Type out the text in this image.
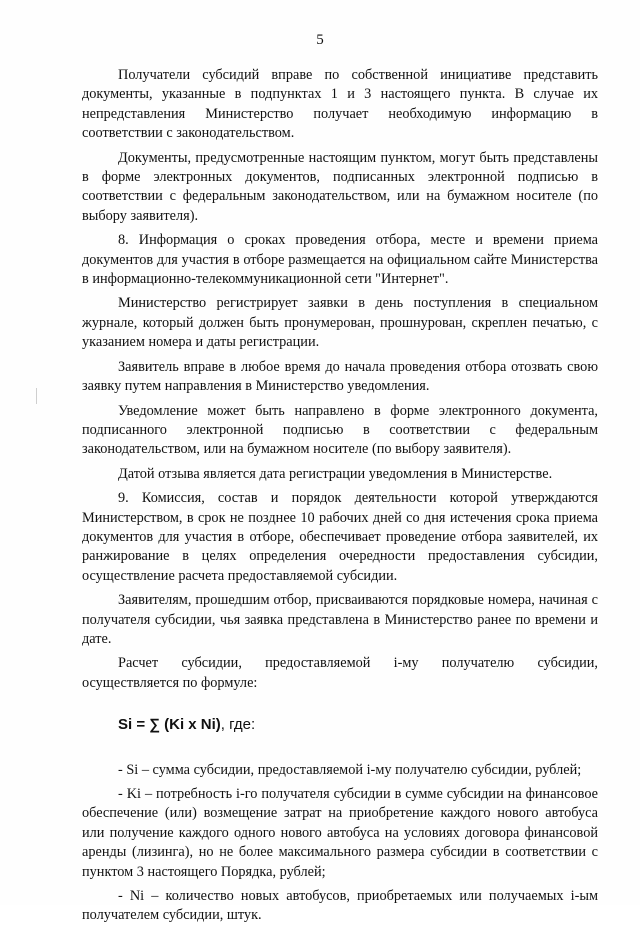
5

Получатели субсидий вправе по собственной инициативе представить документы, указанные в подпунктах 1 и 3 настоящего пункта. В случае их непредставления Министерство получает необходимую информацию в соответствии с законодательством.

Документы, предусмотренные настоящим пунктом, могут быть представлены в форме электронных документов, подписанных электронной подписью в соответствии с федеральным законодательством, или на бумажном носителе (по выбору заявителя).

8. Информация о сроках проведения отбора, месте и времени приема документов для участия в отборе размещается на официальном сайте Министерства в информационно-телекоммуникационной сети "Интернет".

Министерство регистрирует заявки в день поступления в специальном журнале, который должен быть пронумерован, прошнурован, скреплен печатью, с указанием номера и даты регистрации.

Заявитель вправе в любое время до начала проведения отбора отозвать свою заявку путем направления в Министерство уведомления.

Уведомление может быть направлено в форме электронного документа, подписанного электронной подписью в соответствии с федеральным законодательством, или на бумажном носителе (по выбору заявителя).

Датой отзыва является дата регистрации уведомления в Министерстве.

9. Комиссия, состав и порядок деятельности которой утверждаются Министерством, в срок не позднее 10 рабочих дней со дня истечения срока приема документов для участия в отборе, обеспечивает проведение отбора заявителей, их ранжирование в целях определения очередности предоставления субсидии, осуществление расчета предоставляемой субсидии.

Заявителям, прошедшим отбор, присваиваются порядковые номера, начиная с получателя субсидии, чья заявка представлена в Министерство ранее по времени и дате.

Расчет субсидии, предоставляемой i-му получателю субсидии, осуществляется по формуле:

Si = ∑ (Ki x Ni), где:

- Si – сумма субсидии, предоставляемой i-му получателю субсидии, рублей;

- Ki – потребность i-го получателя субсидии в сумме субсидии на финансовое обеспечение (или) возмещение затрат на приобретение каждого нового автобуса или получение каждого одного нового автобуса на условиях договора финансовой аренды (лизинга), но не более максимального размера субсидии в соответствии с пунктом 3 настоящего Порядка, рублей;

- Ni – количество новых автобусов, приобретаемых или получаемых i-ым получателем субсидии, штук.
